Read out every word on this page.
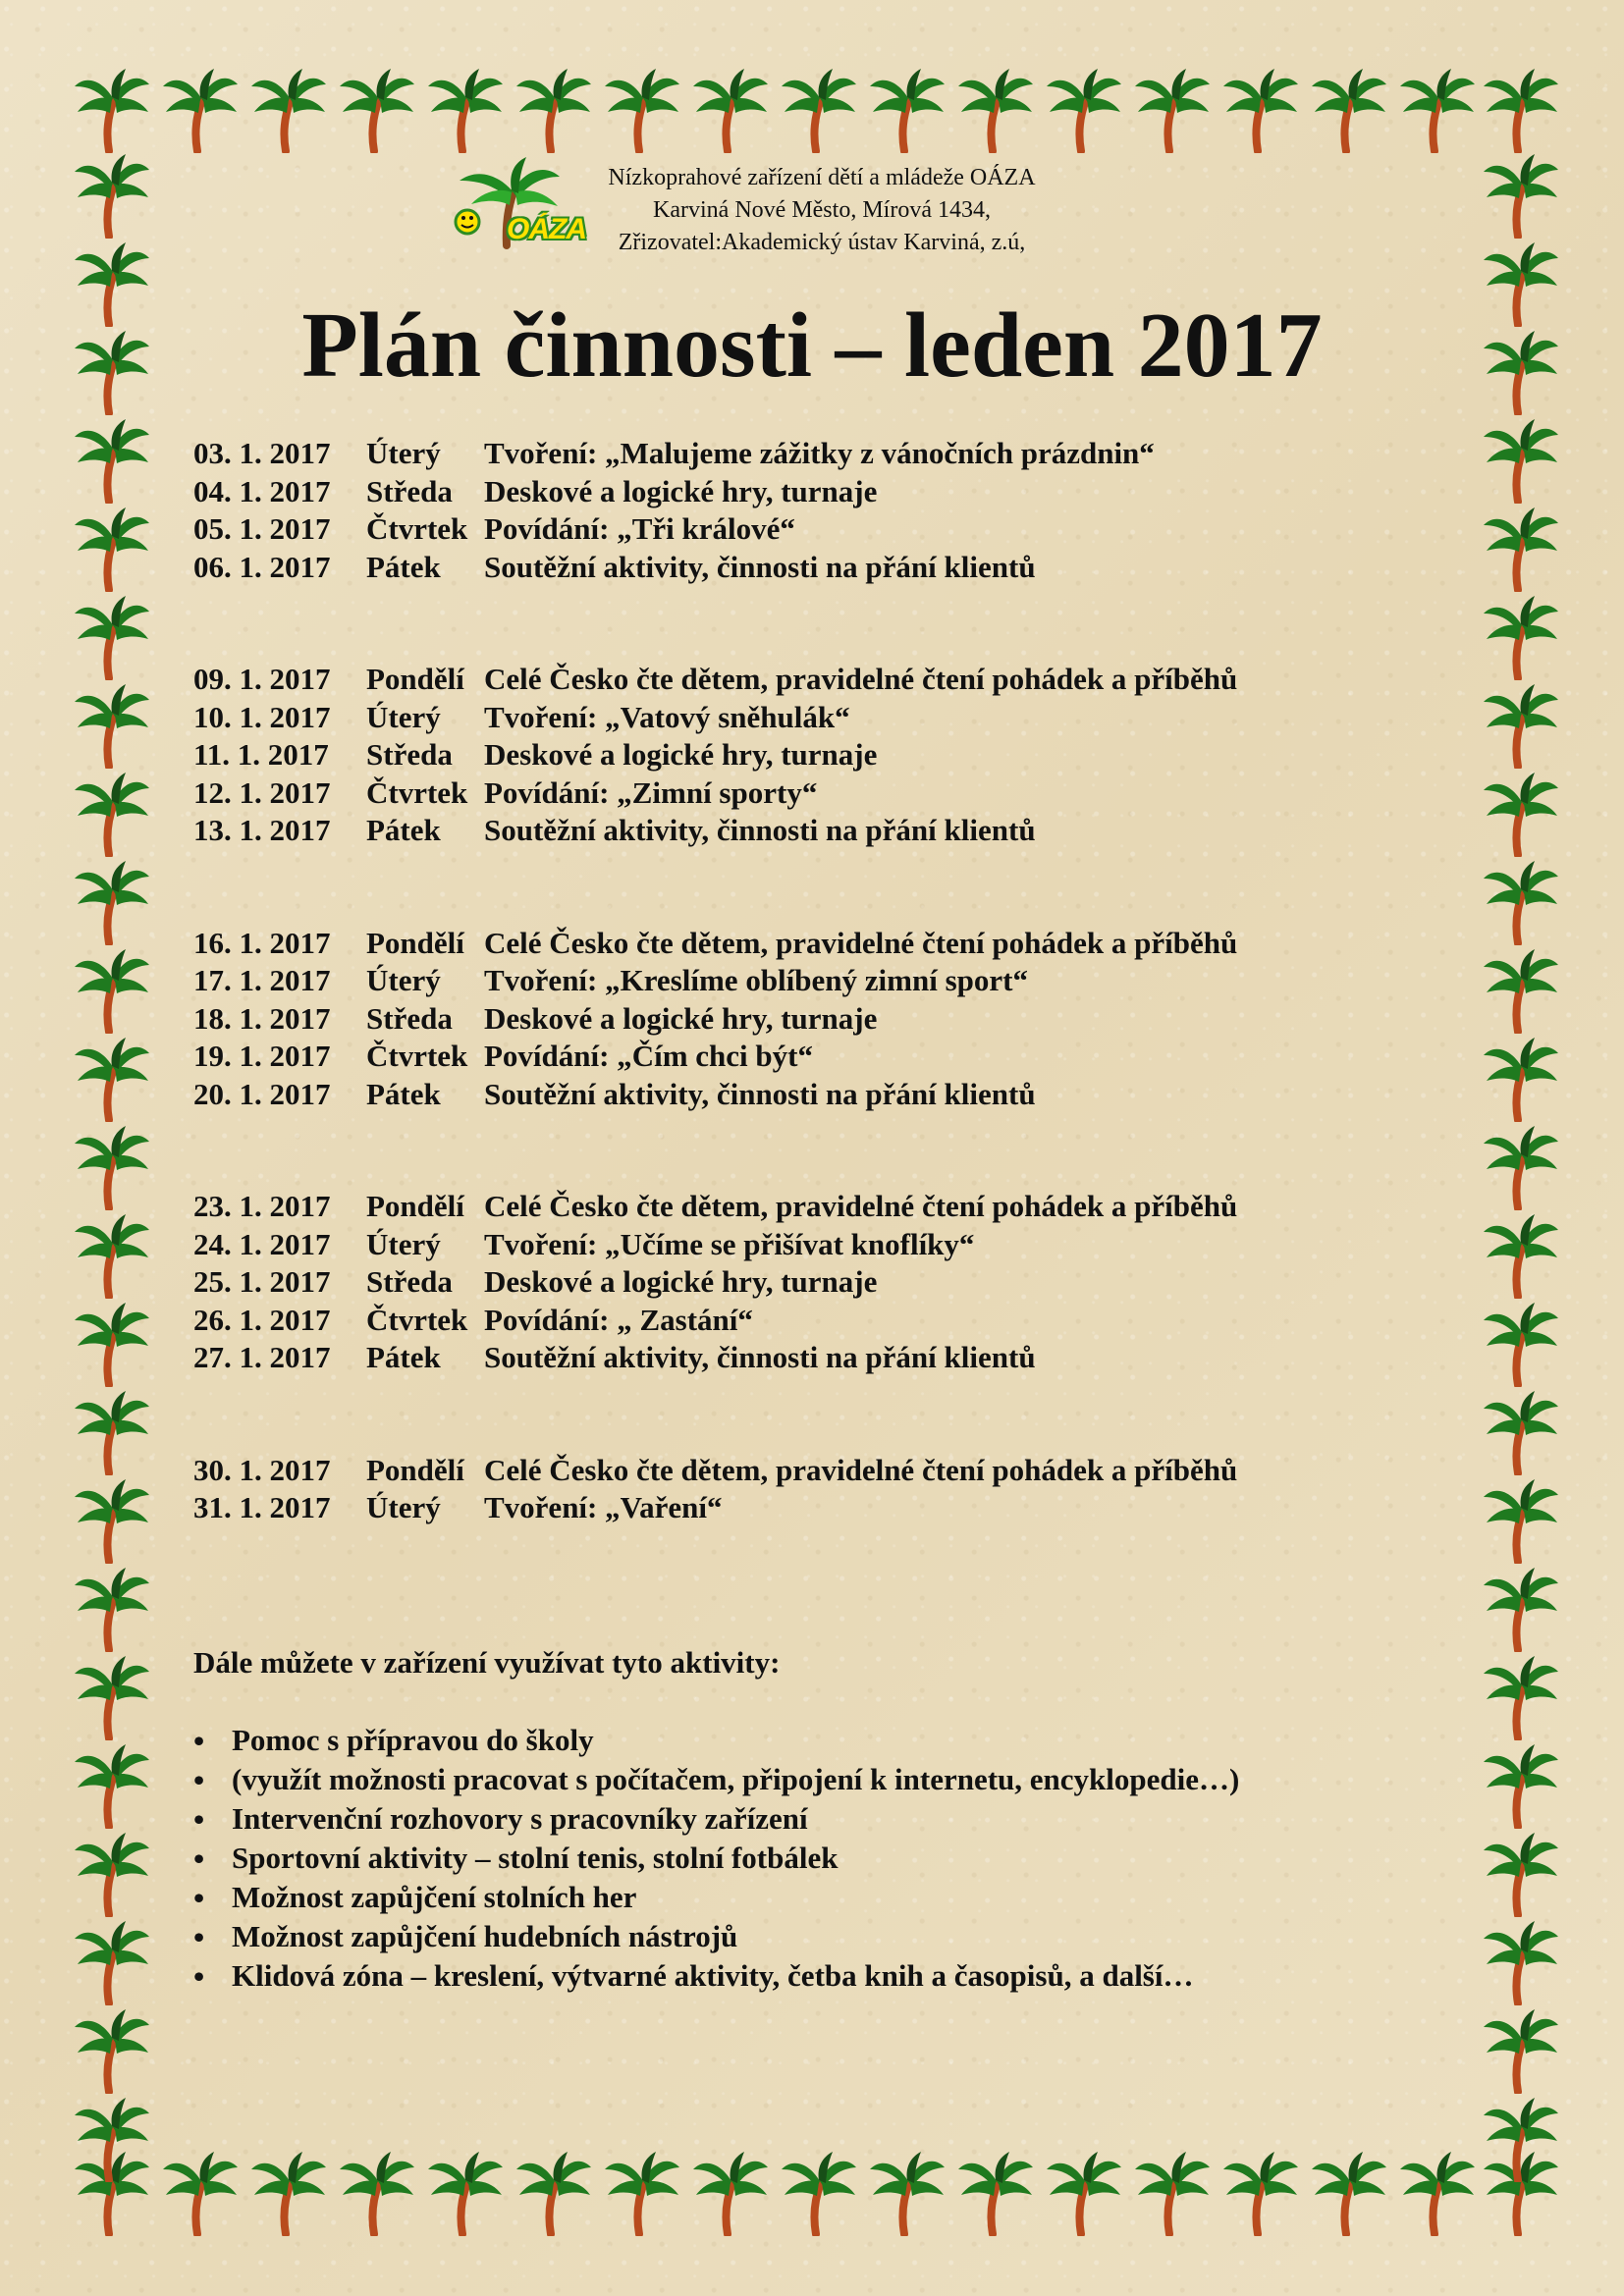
OÁZA
Nízkoprahové zařízení dětí a mládeže OÁZA
Karviná Nové Město, Mírová 1434,
Zřizovatel:Akademický ústav Karviná, z.ú,
Plán činnosti – leden 2017
03. 1. 2017	Úterý	Tvoření: „Malujeme zážitky z vánočních prázdnin“
04. 1. 2017	Středa	Deskové a logické hry, turnaje
05. 1. 2017	Čtvrtek Povídání: „Tři králové“
06. 1. 2017	Pátek	Soutěžní aktivity, činnosti na přání klientů
09. 1. 2017	Pondělí Celé Česko čte dětem, pravidelné čtení pohádek a příběhů
10. 1. 2017	Úterý	Tvoření: „Vatový sněhulák“
11. 1. 2017	Středa	Deskové a logické hry, turnaje
12. 1. 2017	Čtvrtek Povídání: „Zimní sporty“
13. 1. 2017	Pátek	Soutěžní aktivity, činnosti na přání klientů
16. 1. 2017	Pondělí Celé Česko čte dětem, pravidelné čtení pohádek a příběhů
17. 1. 2017	Úterý	Tvoření: „Kreslíme oblíbený zimní sport“
18. 1. 2017	Středa	Deskové a logické hry, turnaje
19. 1. 2017	Čtvrtek Povídání: „Čím chci být“
20. 1. 2017	Pátek	Soutěžní aktivity, činnosti na přání klientů
23. 1. 2017	Pondělí Celé Česko čte dětem, pravidelné čtení pohádek a příběhů
24. 1. 2017	Úterý	Tvoření: „Učíme se přišívat knoflíky“
25. 1. 2017	Středa	Deskové a logické hry, turnaje
26. 1. 2017	Čtvrtek Povídání: „ Zastání“
27. 1. 2017	Pátek	Soutěžní aktivity, činnosti na přání klientů
30. 1. 2017	Pondělí Celé Česko čte dětem, pravidelné čtení pohádek a příběhů
31. 1. 2017	Úterý	Tvoření: „Vaření“
Dále můžete v zařízení využívat tyto aktivity:
• Pomoc s přípravou do školy
• (využít možnosti pracovat s počítačem, připojení k internetu, encyklopedie…)
• Intervenční rozhovory s pracovníky zařízení
• Sportovní aktivity – stolní tenis, stolní fotbálek
• Možnost zapůjčení stolních her
• Možnost zapůjčení hudebních nástrojů
• Klidová zóna – kreslení, výtvarné aktivity, četba knih a časopisů, a další…
